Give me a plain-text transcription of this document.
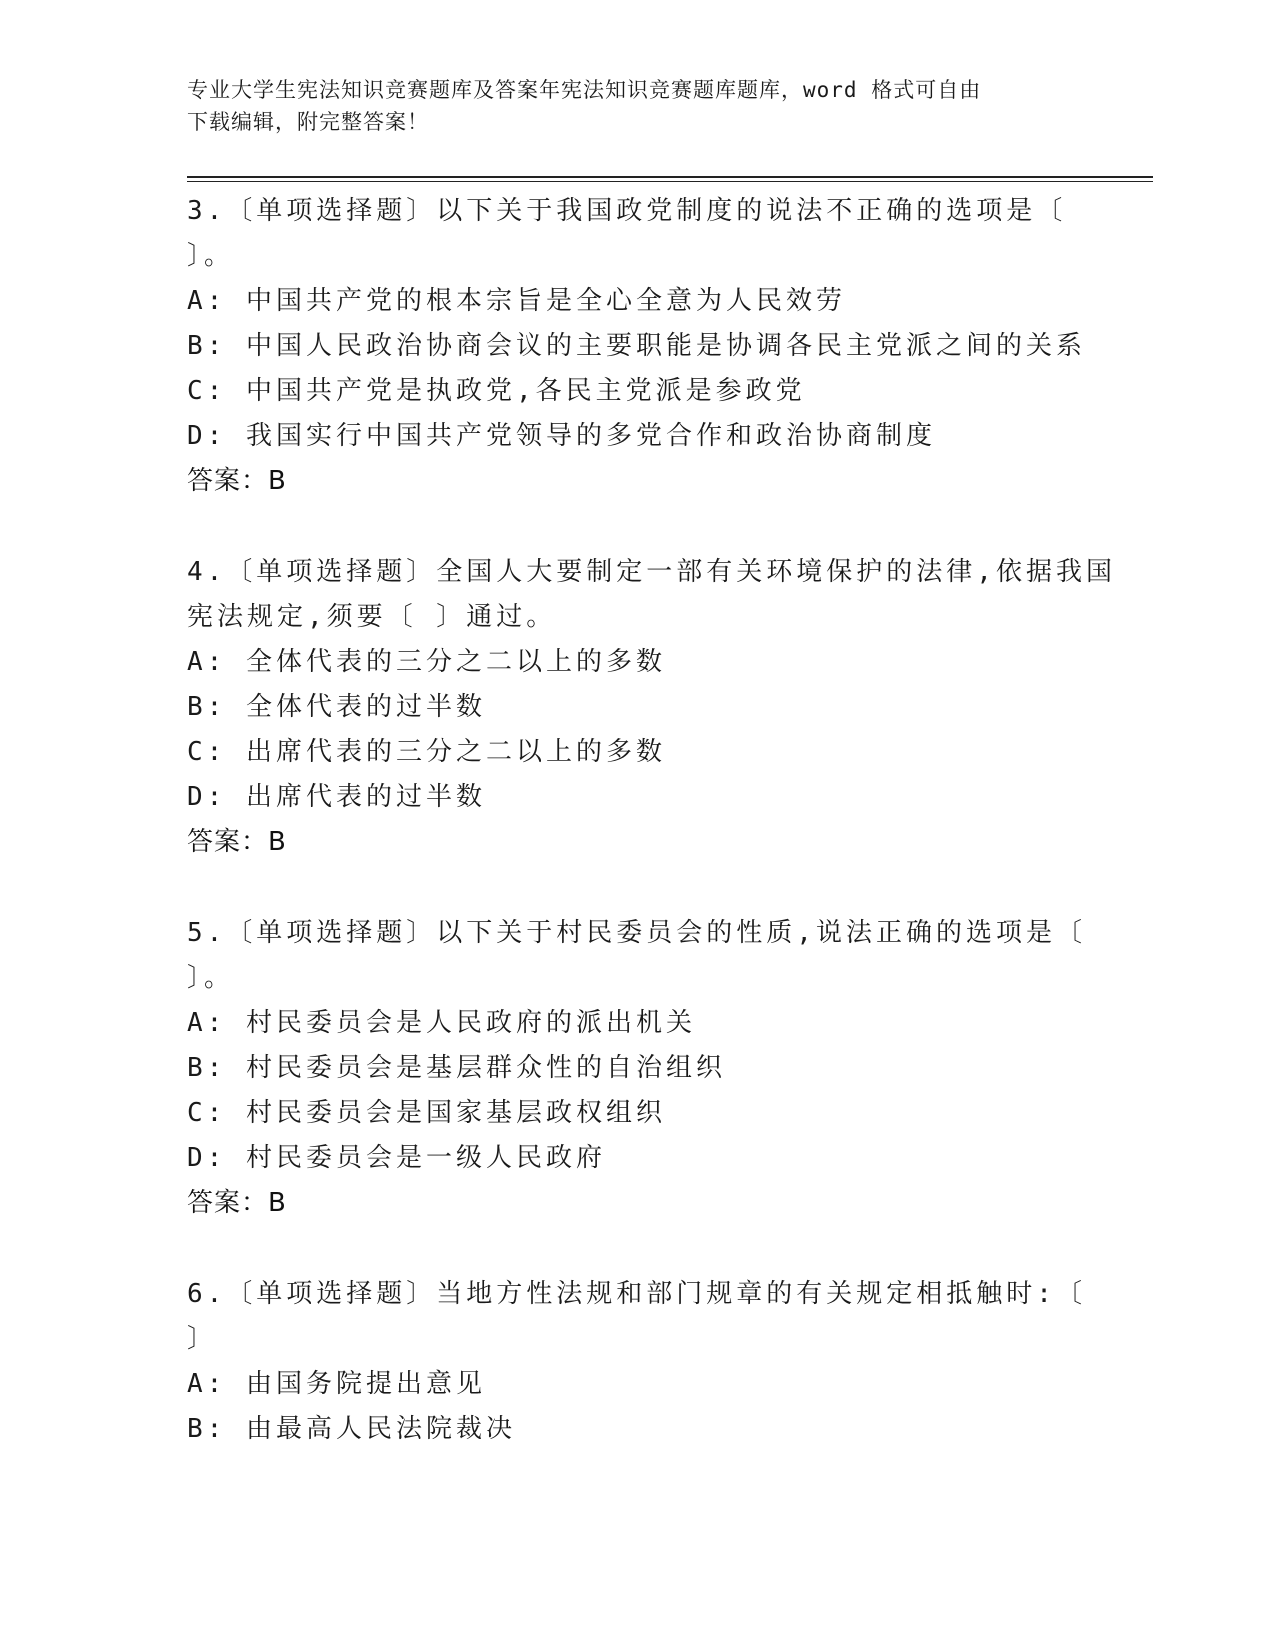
专业大学生宪法知识竞赛题库及答案年宪法知识竞赛题库题库，word 格式可自由
下载编辑，附完整答案！
3.〔单项选择题〕以下关于我国政党制度的说法不正确的选项是〔
〕。
A: 中国共产党的根本宗旨是全心全意为人民效劳
B: 中国人民政治协商会议的主要职能是协调各民主党派之间的关系
C: 中国共产党是执政党,各民主党派是参政党
D: 我国实行中国共产党领导的多党合作和政治协商制度
答案：B
4.〔单项选择题〕全国人大要制定一部有关环境保护的法律,依据我国
宪法规定,须要〔 〕通过。
A: 全体代表的三分之二以上的多数
B: 全体代表的过半数
C: 出席代表的三分之二以上的多数
D: 出席代表的过半数
答案：B
5.〔单项选择题〕以下关于村民委员会的性质,说法正确的选项是〔
〕。
A: 村民委员会是人民政府的派出机关
B: 村民委员会是基层群众性的自治组织
C: 村民委员会是国家基层政权组织
D: 村民委员会是一级人民政府
答案：B
6.〔单项选择题〕当地方性法规和部门规章的有关规定相抵触时:〔
〕
A: 由国务院提出意见
B: 由最高人民法院裁决
